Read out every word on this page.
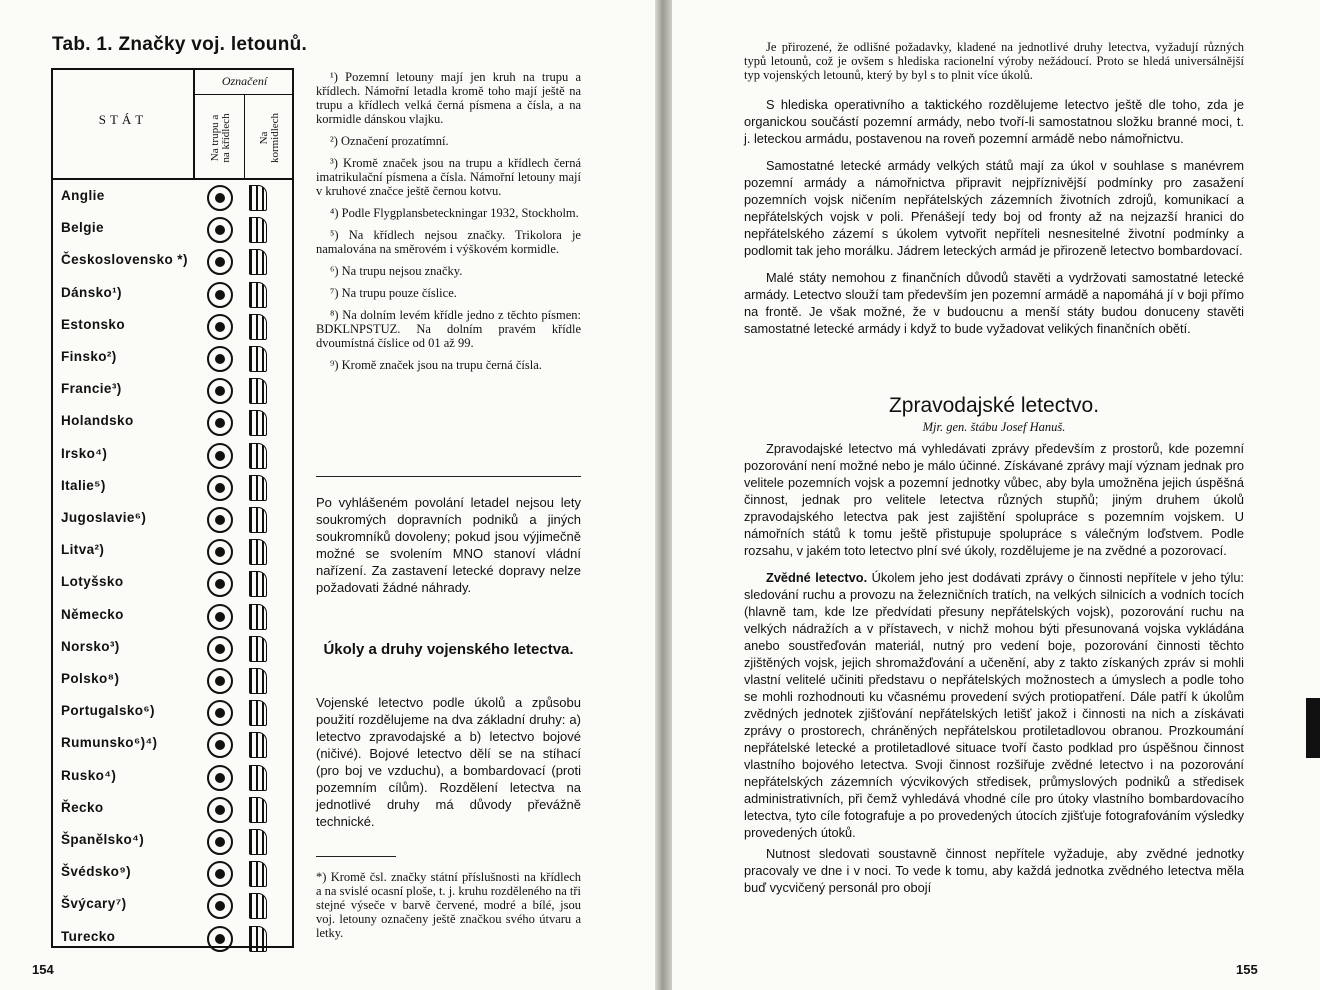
Tab. 1. Značky voj. letounů.
STÁT
Označení
Na trupu a
na křídlech Na
kormidlech
Anglie
Belgie
Československo *)
Dánsko¹)
Estonsko
Finsko²)
Francie³)
Holandsko
Irsko⁴)
Italie⁵)
Jugoslavie⁶)
Litva²)
Lotyšsko
Německo
Norsko³)
Polsko⁸)
Portugalsko⁶)
Rumunsko⁶)⁴)
Rusko⁴)
Řecko
Španělsko⁴)
Švédsko⁹)
Švýcary⁷)
Turecko

¹) Pozemní letouny mají jen kruh na trupu a křídlech. Námořní letadla kromě toho mají ještě na trupu a křídlech velká černá písmena a čísla, a na kormidle dánskou vlajku.

²) Označení prozatímní.

³) Kromě značek jsou na trupu a křídlech černá imatrikulační písmena a čísla. Námořní letouny mají v kruhové značce ještě černou kotvu.

⁴) Podle Flygplansbeteckningar 1932, Stockholm.

⁵) Na křídlech nejsou značky. Trikolora je namalována na směrovém i výškovém kormidle.

⁶) Na trupu nejsou značky.

⁷) Na trupu pouze číslice.

⁸) Na dolním levém křídle jedno z těchto písmen: BDKLNPSTUZ. Na dolním pravém křídle dvoumístná číslice od 01 až 99.

⁹) Kromě značek jsou na trupu černá čísla.

Po vyhlášeném povolání letadel nejsou lety soukromých dopravních podniků a jiných soukromníků dovoleny; pokud jsou výjimečně možné se svolením MNO stanoví vládní nařízení. Za zastavení letecké dopravy nelze požadovati žádné náhrady.
Úkoly a druhy vojenského letectva.
Vojenské letectvo podle úkolů a způsobu použití rozdělujeme na dva základní druhy: a) letectvo zpravodajské a b) letectvo bojové (ničivé). Bojové letectvo dělí se na stíhací (pro boj ve vzduchu), a bombardovací (proti pozemním cílům). Rozdělení letectva na jednotlivé druhy má důvody převážně technické.
*) Kromě čsl. značky státní příslušnosti na křídlech a na svislé ocasní ploše, t. j. kruhu rozděleného na tři stejné výseče v barvě červené, modré a bílé, jsou voj. letouny označeny ještě značkou svého útvaru a letky.
154

Je přirozené, že odlišné požadavky, kladené na jednotlivé druhy letectva, vyžadují různých typů letounů, což je ovšem s hlediska racionelní výroby nežádoucí. Proto se hledá universálnější typ vojenských letounů, který by byl s to plnit více úkolů.

S hlediska operativního a taktického rozdělujeme letectvo ještě dle toho, zda je organickou součástí pozemní armády, nebo tvoří-li samostatnou složku branné moci, t. j. leteckou armádu, postavenou na roveň pozemní armádě nebo námořnictvu.

Samostatné letecké armády velkých států mají za úkol v souhlase s manévrem pozemní armády a námořnictva připravit nejpříznivější podmínky pro zasažení pozemních vojsk ničením nepřátelských zázemních životních zdrojů, komunikací a nepřátelských vojsk v poli. Přenášejí tedy boj od fronty až na nejzazší hranici do nepřátelského zázemí s úkolem vytvořit nepříteli nesnesitelné životní podmínky a podlomit tak jeho morálku. Jádrem leteckých armád je přirozeně letectvo bombardovací.

Malé státy nemohou z finančních důvodů stavěti a vydržovati samostatné letecké armády. Letectvo slouží tam především jen pozemní armádě a napomáhá jí v boji přímo na frontě. Je však možné, že v budoucnu a menší státy budou donuceny stavěti samostatné letecké armády i když to bude vyžadovat velikých finančních obětí.

Zpravodajské letectvo.
Mjr. gen. štábu Josef Hanuš.

Zpravodajské letectvo má vyhledávati zprávy především z prostorů, kde pozemní pozorování není možné nebo je málo účinné. Získávané zprávy mají význam jednak pro velitele pozemních vojsk a pozemní jednotky vůbec, aby byla umožněna jejich úspěšná činnost, jednak pro velitele letectva různých stupňů; jiným druhem úkolů zpravodajského letectva pak jest zajištění spolupráce s pozemním vojskem. U námořních států k tomu ještě přistupuje spolupráce s válečným loďstvem. Podle rozsahu, v jakém toto letectvo plní své úkoly, rozdělujeme je na zvědné a pozorovací.

Zvědné letectvo. Úkolem jeho jest dodávati zprávy o činnosti nepřítele v jeho týlu: sledování ruchu a provozu na železničních tratích, na velkých silnicích a vodních tocích (hlavně tam, kde lze předvídati přesuny nepřátelských vojsk), pozorování ruchu na velkých nádražích a v přístavech, v nichž mohou býti přesunovaná vojska vykládána anebo soustřeďován materiál, nutný pro vedení boje, pozorování činnosti těchto zjištěných vojsk, jejich shromažďování a učenění, aby z takto získaných zpráv si mohli vlastní velitelé učiniti představu o nepřátelských možnostech a úmyslech a podle toho se mohli rozhodnouti ku včasnému provedení svých protiopatření. Dále patří k úkolům zvědných jednotek zjišťování nepřátelských letišť jakož i činnosti na nich a získávati zprávy o prostorech, chráněných nepřátelskou protiletadlovou obranou. Prozkoumání nepřátelské letecké a protiletadlové situace tvoří často podklad pro úspěšnou činnost vlastního bojového letectva. Svoji činnost rozšiřuje zvědné letectvo i na pozorování nepřátelských zázemních výcvikových středisek, průmyslových podniků a středisek administrativních, při čemž vyhledává vhodné cíle pro útoky vlastního bombardovacího letectva, tyto cíle fotografuje a po provedených útocích zjišťuje fotografováním výsledky provedených útoků.

Nutnost sledovati soustavně činnost nepřítele vyžaduje, aby zvědné jednotky pracovaly ve dne i v noci. To vede k tomu, aby každá jednotka zvědného letectva měla buď vycvičený personál pro obojí

155
